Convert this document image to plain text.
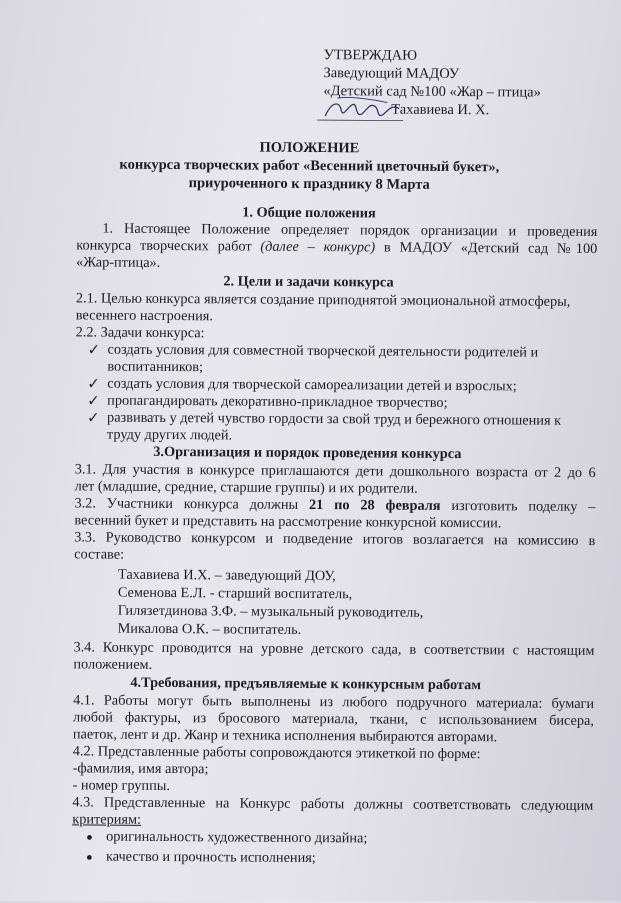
УТВЕРЖДАЮ
Заведующий МАДОУ
«Детский сад №100 «Жар – птица»
Тахавиева И. Х.
ПОЛОЖЕНИЕ
конкурса творческих работ «Весенний цветочный букет»,
приуроченного к празднику 8 Марта
1. Общие положения
1. Настоящее Положение определяет порядок организации и проведения
конкурса творческих работ (далее – конкурс) в МАДОУ «Детский сад №100
«Жар-птица».
2. Цели и задачи конкурса
2.1. Целью конкурса является создание приподнятой эмоциональной атмосферы,
весеннего настроения.
2.2. Задачи конкурса:
✓ создать условия для совместной творческой деятельности родителей и
воспитанников;
✓ создать условия для творческой самореализации детей и взрослых;
✓ пропагандировать декоративно-прикладное творчество;
✓ развивать у детей чувство гордости за свой труд и бережного отношения к
труду других людей.
3.Организация и порядок проведения конкурса
3.1. Для участия в конкурсе приглашаются дети дошкольного возраста от 2 до 6
лет (младшие, средние, старшие группы) и их родители.
3.2. Участники конкурса должны 21 по 28 февраля изготовить поделку –
весенний букет и представить на рассмотрение конкурсной комиссии.
3.3. Руководство конкурсом и подведение итогов возлагается на комиссию в
составе:
Тахавиева И.Х. – заведующий ДОУ,
Семенова Е.Л. - старший воспитатель,
Гилязетдинова З.Ф. – музыкальный руководитель,
Микалова О.К. – воспитатель.
3.4. Конкурс проводится на уровне детского сада, в соответствии с настоящим
положением.
4.Требования, предъявляемые к конкурсным работам
4.1. Работы могут быть выполнены из любого подручного материала: бумаги
любой фактуры, из бросового материала, ткани, с использованием бисера,
паеток, лент и др. Жанр и техника исполнения выбираются авторами.
4.2. Представленные работы сопровождаются этикеткой по форме:
-фамилия, имя автора;
- номер группы.
4.3. Представленные на Конкурс работы должны соответствовать следующим
критериям:
● оригинальность художественного дизайна;
● качество и прочность исполнения;
